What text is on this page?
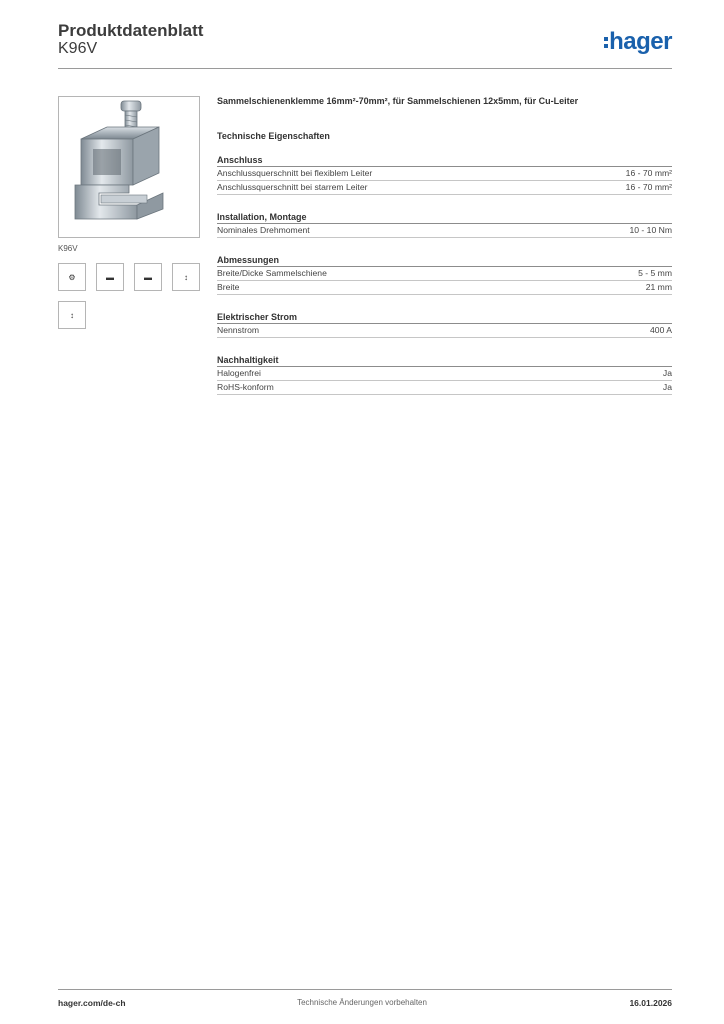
Produktdatenblatt
K96V	hager
K96V
⚙	▬	▬	↕
↕

Sammelschienenklemme 16mm²-70mm², für Sammelschienen 12x5mm, für Cu-Leiter

Technische Eigenschaften
Anschluss
Anschlussquerschnitt bei flexiblem Leiter	16 - 70 mm²
Anschlussquerschnitt bei starrem Leiter	16 - 70 mm²
Installation, Montage
Nominales Drehmoment	10 - 10 Nm
Abmessungen
Breite/Dicke Sammelschiene	5 - 5 mm
Breite	21 mm
Elektrischer Strom
Nennstrom	400 A
Nachhaltigkeit
Halogenfrei	Ja
RoHS-konform	Ja
hager.com/de-ch	Technische Änderungen vorbehalten	16.01.2026
